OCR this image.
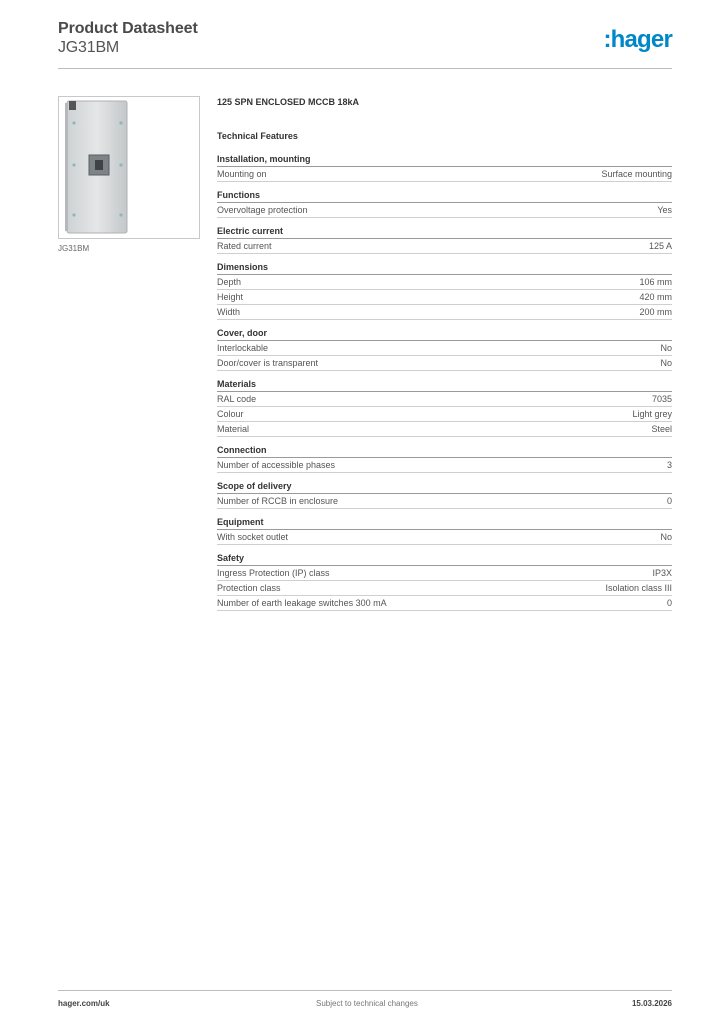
Product Datasheet
JG31BM	:hager
JG31BM
125 SPN ENCLOSED MCCB 18kA
Technical Features
Installation, mounting
Mounting on	Surface mounting
Functions
Overvoltage protection	Yes
Electric current
Rated current	125 A
Dimensions
Depth	106 mm
Height	420 mm
Width	200 mm
Cover, door
Interlockable	No
Door/cover is transparent	No
Materials
RAL code	7035
Colour	Light grey
Material	Steel
Connection
Number of accessible phases	3
Scope of delivery
Number of RCCB in enclosure	0
Equipment
With socket outlet	No
Safety
Ingress Protection (IP) class	IP3X
Protection class	Isolation class III
Number of earth leakage switches 300 mA	0
hager.com/uk	Subject to technical changes	15.03.2026
